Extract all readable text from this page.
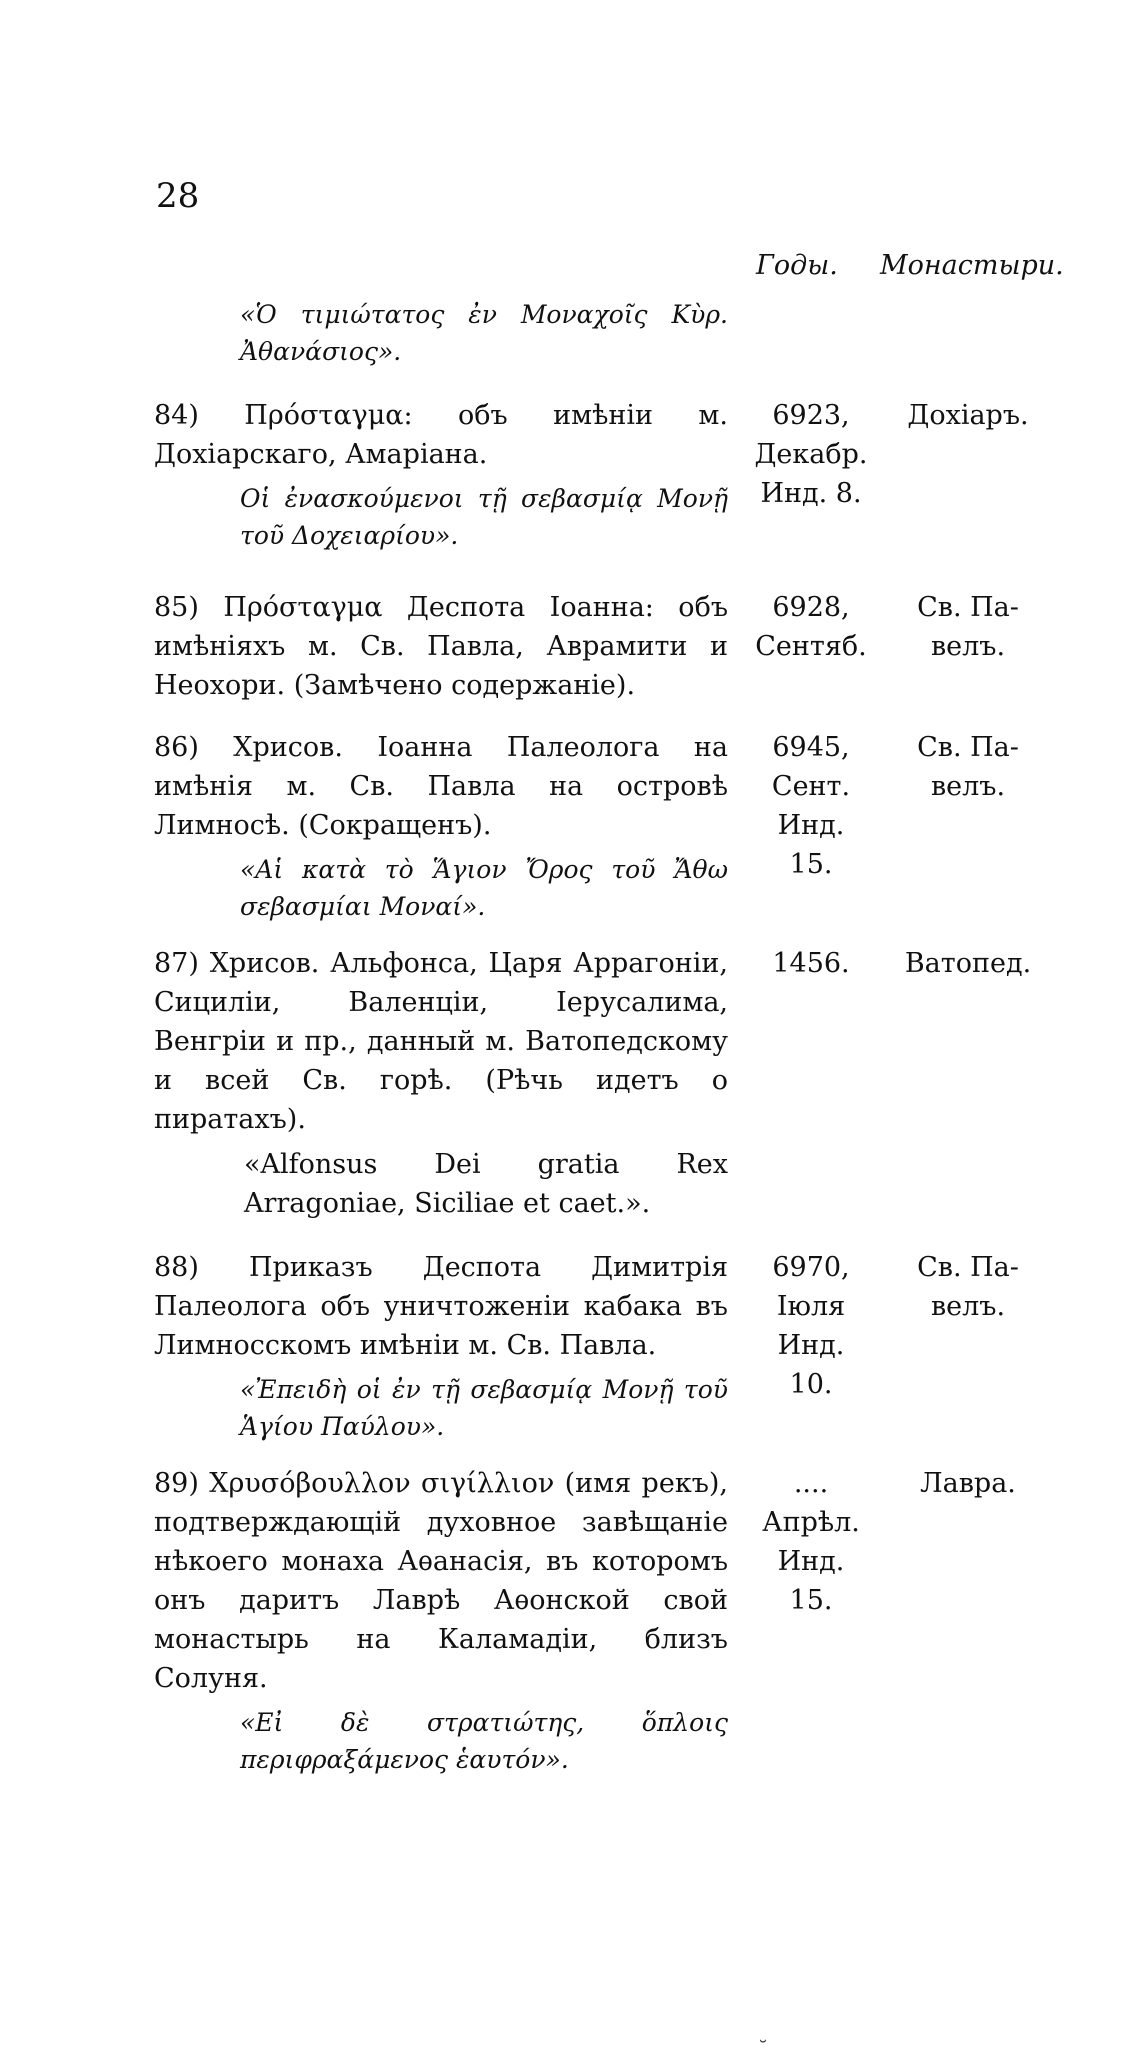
28
Годы. Монастыри.

«Ὁ τιμιώτατος ἐν Μοναχοῖς Κὺρ. Ἀθανάσιος».

84) Πρόσταγμα: объ имѣніи м. Дохіарскаго, Амаріана.

Οἱ ἐνασκούμενοι τῇ σεβασμίᾳ Μονῇ τοῦ Δοχειαρίου».

6923,
Декабр.
Инд. 8.
Дохіаръ.

85) Πρόσταγμα Деспота Іоанна: объ имѣніяхъ м. Св. Павла, Аврамити и Неохори. (Замѣчено содержаніе).

6928,
Сентяб.
Св. Па-
велъ.

86) Хрисов. Іоанна Палеолога на имѣнія м. Св. Павла на островѣ Лимносѣ. (Сокращенъ).

«Αἱ κατὰ τὸ Ἅγιον Ὄρος τοῦ Ἄθω σεβασμίαι Μοναί».

6945,
Сент.
Инд. 15.
Св. Па-
велъ.

87) Хрисов. Альфонса, Царя Аррагоніи, Сициліи, Валенціи, Іерусалима, Венгріи и пр., данный м. Ватопедскому и всей Св. горѣ. (Рѣчь идетъ о пиратахъ).

«Alfonsus Dei gratia Rex Arragoniae, Siciliae et caet.».

1456.	Ватопед.

88) Приказъ Деспота Димитрія Палеолога объ уничтоженіи кабака въ Лимносскомъ имѣніи м. Св. Павла.

«Ἐπειδὴ οἱ ἐν τῇ σεβασμίᾳ Μονῇ τοῦ Ἁγίου Παύλου».

6970,
Іюля
Инд. 10.
Св. Па-
велъ.

89) Χρυσόβουλλον σιγίλλιον (имя рекъ), подтверждающій духовное завѣщаніе нѣкоего монаха Аѳанасія, въ которомъ онъ даритъ Лаврѣ Аѳонской свой монастырь на Каламадіи, близъ Солуня.

«Εἰ δὲ στρατιώτης, ὅπλοις περιφραξάμενος ἑαυτόν».

....
Апрѣл.
Инд. 15.
Лавра.
˘
